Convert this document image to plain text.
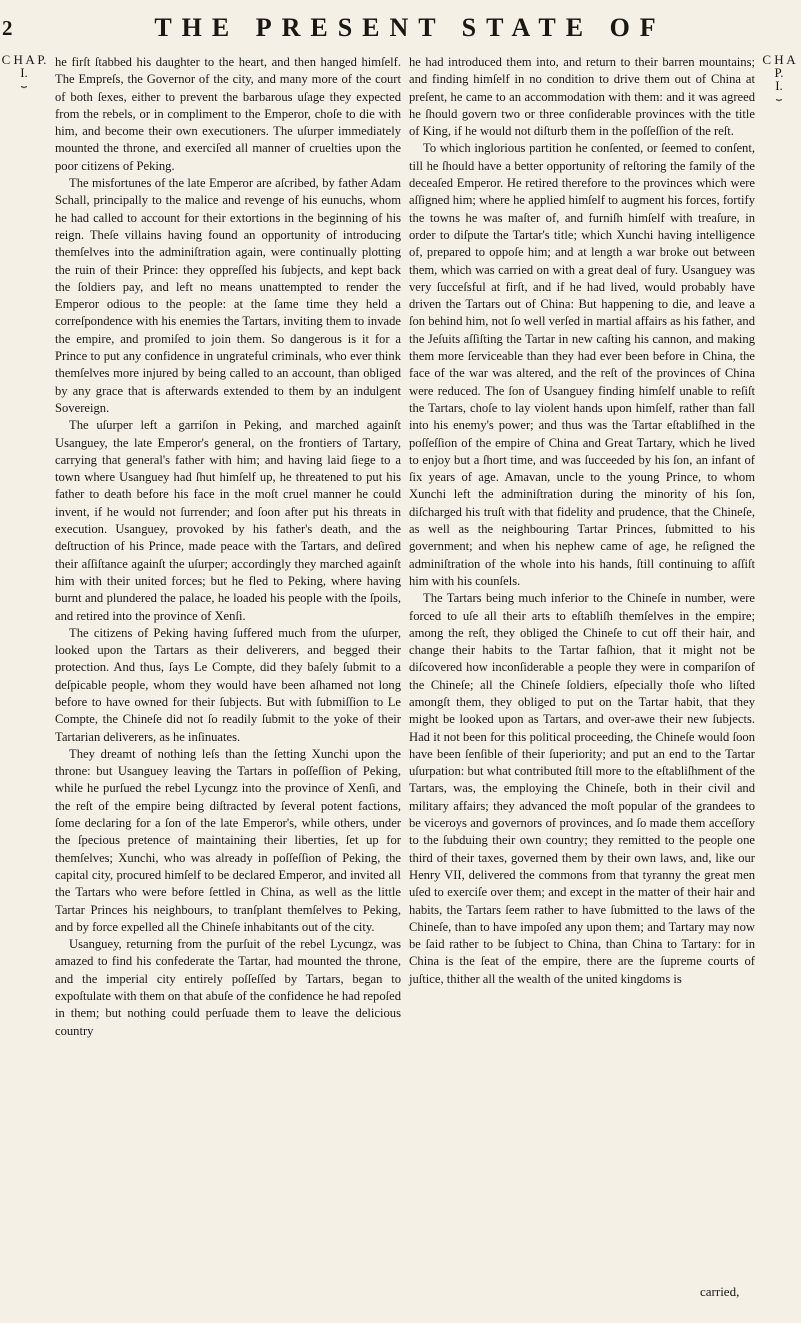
2	THE PRESENT STATE OF
C H A P.
I.
⏟
C H A P.
I.
⏟

he firſt ſtabbed his daughter to the heart, and then hanged himſelf. The Empreſs, the Governor of the city, and many more of the court of both ſexes, either to prevent the barbarous uſage they expected from the rebels, or in compliment to the Emperor, choſe to die with him, and become their own executioners. The uſurper immediately mounted the throne, and exerciſed all manner of cruelties upon the poor citizens of Peking.

The misfortunes of the late Emperor are aſcribed, by father Adam Schall, principally to the malice and revenge of his eunuchs, whom he had called to account for their extortions in the beginning of his reign. Theſe villains having found an opportunity of introducing themſelves into the adminiſtration again, were continually plotting the ruin of their Prince: they oppreſſed his ſubjects, and kept back the ſoldiers pay, and left no means unattempted to render the Emperor odious to the people: at the ſame time they held a correſpondence with his enemies the Tartars, inviting them to invade the empire, and promiſed to join them. So dangerous is it for a Prince to put any confidence in ungrateful criminals, who ever think themſelves more injured by being called to an account, than obliged by any grace that is afterwards extended to them by an indulgent Sovereign.

The uſurper left a garriſon in Peking, and marched againſt Usanguey, the late Emperor's general, on the frontiers of Tartary, carrying that general's father with him; and having laid ſiege to a town where Usanguey had ſhut himſelf up, he threatened to put his father to death before his face in the moſt cruel manner he could invent, if he would not ſurrender; and ſoon after put his threats in execution. Usanguey, provoked by his father's death, and the deſtruction of his Prince, made peace with the Tartars, and deſired their aſſiſtance againſt the uſurper; accordingly they marched againſt him with their united forces; but he fled to Peking, where having burnt and plundered the palace, he loaded his people with the ſpoils, and retired into the province of Xenſi.

The citizens of Peking having ſuffered much from the uſurper, looked upon the Tartars as their deliverers, and begged their protection. And thus, ſays Le Compte, did they baſely ſubmit to a deſpicable people, whom they would have been aſhamed not long before to have owned for their ſubjects. But with ſubmiſſion to Le Compte, the Chineſe did not ſo readily ſubmit to the yoke of their Tartarian deliverers, as he inſinuates.

They dreamt of nothing leſs than the ſetting Xunchi upon the throne: but Usanguey leaving the Tartars in poſſeſſion of Peking, while he purſued the rebel Lycungz into the province of Xenſi, and the reſt of the empire being diſtracted by ſeveral potent factions, ſome declaring for a ſon of the late Emperor's, while others, under the ſpecious pretence of maintaining their liberties, ſet up for themſelves; Xunchi, who was already in poſſeſſion of Peking, the capital city, procured himſelf to be declared Emperor, and invited all the Tartars who were before ſettled in China, as well as the little Tartar Princes his neighbours, to tranſplant themſelves to Peking, and by force expelled all the Chineſe inhabitants out of the city.

Usanguey, returning from the purſuit of the rebel Lycungz, was amazed to find his confederate the Tartar, had mounted the throne, and the imperial city entirely poſſeſſed by Tartars, began to expoſtulate with them on that abuſe of the confidence he had repoſed in them; but nothing could perſuade them to leave the delicious country

he had introduced them into, and return to their barren mountains; and finding himſelf in no condition to drive them out of China at preſent, he came to an accommodation with them: and it was agreed he ſhould govern two or three conſiderable provinces with the title of King, if he would not diſturb them in the poſſeſſion of the reſt.

To which inglorious partition he conſented, or ſeemed to conſent, till he ſhould have a better opportunity of reſtoring the family of the deceaſed Emperor. He retired therefore to the provinces which were aſſigned him; where he applied himſelf to augment his forces, fortify the towns he was maſter of, and furniſh himſelf with treaſure, in order to diſpute the Tartar's title; which Xunchi having intelligence of, prepared to oppoſe him; and at length a war broke out between them, which was carried on with a great deal of fury. Usanguey was very ſucceſsful at firſt, and if he had lived, would probably have driven the Tartars out of China: But happening to die, and leave a ſon behind him, not ſo well verſed in martial affairs as his father, and the Jeſuits aſſiſting the Tartar in new caſting his cannon, and making them more ſerviceable than they had ever been before in China, the face of the war was altered, and the reſt of the provinces of China were reduced. The ſon of Usanguey finding himſelf unable to reſiſt the Tartars, choſe to lay violent hands upon himſelf, rather than fall into his enemy's power; and thus was the Tartar eſtabliſhed in the poſſeſſion of the empire of China and Great Tartary, which he lived to enjoy but a ſhort time, and was ſucceeded by his ſon, an infant of ſix years of age. Amavan, uncle to the young Prince, to whom Xunchi left the adminiſtration during the minority of his ſon, diſcharged his truſt with that fidelity and prudence, that the Chineſe, as well as the neighbouring Tartar Princes, ſubmitted to his government; and when his nephew came of age, he reſigned the adminiſtration of the whole into his hands, ſtill continuing to aſſiſt him with his counſels.

The Tartars being much inferior to the Chineſe in number, were forced to uſe all their arts to eſtabliſh themſelves in the empire; among the reſt, they obliged the Chineſe to cut off their hair, and change their habits to the Tartar faſhion, that it might not be diſcovered how inconſiderable a people they were in compariſon of the Chineſe; all the Chineſe ſoldiers, eſpecially thoſe who liſted amongſt them, they obliged to put on the Tartar habit, that they might be looked upon as Tartars, and over-awe their new ſubjects. Had it not been for this political proceeding, the Chineſe would ſoon have been ſenſible of their ſuperiority; and put an end to the Tartar uſurpation: but what contributed ſtill more to the eſtabliſhment of the Tartars, was, the employing the Chineſe, both in their civil and military affairs; they advanced the moſt popular of the grandees to be viceroys and governors of provinces, and ſo made them acceſſory to the ſubduing their own country; they remitted to the people one third of their taxes, governed them by their own laws, and, like our Henry VII, delivered the commons from that tyranny the great men uſed to exerciſe over them; and except in the matter of their hair and habits, the Tartars ſeem rather to have ſubmitted to the laws of the Chineſe, than to have impoſed any upon them; and Tartary may now be ſaid rather to be ſubject to China, than China to Tartary: for in China is the ſeat of the empire, there are the ſupreme courts of juſtice, thither all the wealth of the united kingdoms is

carried,
